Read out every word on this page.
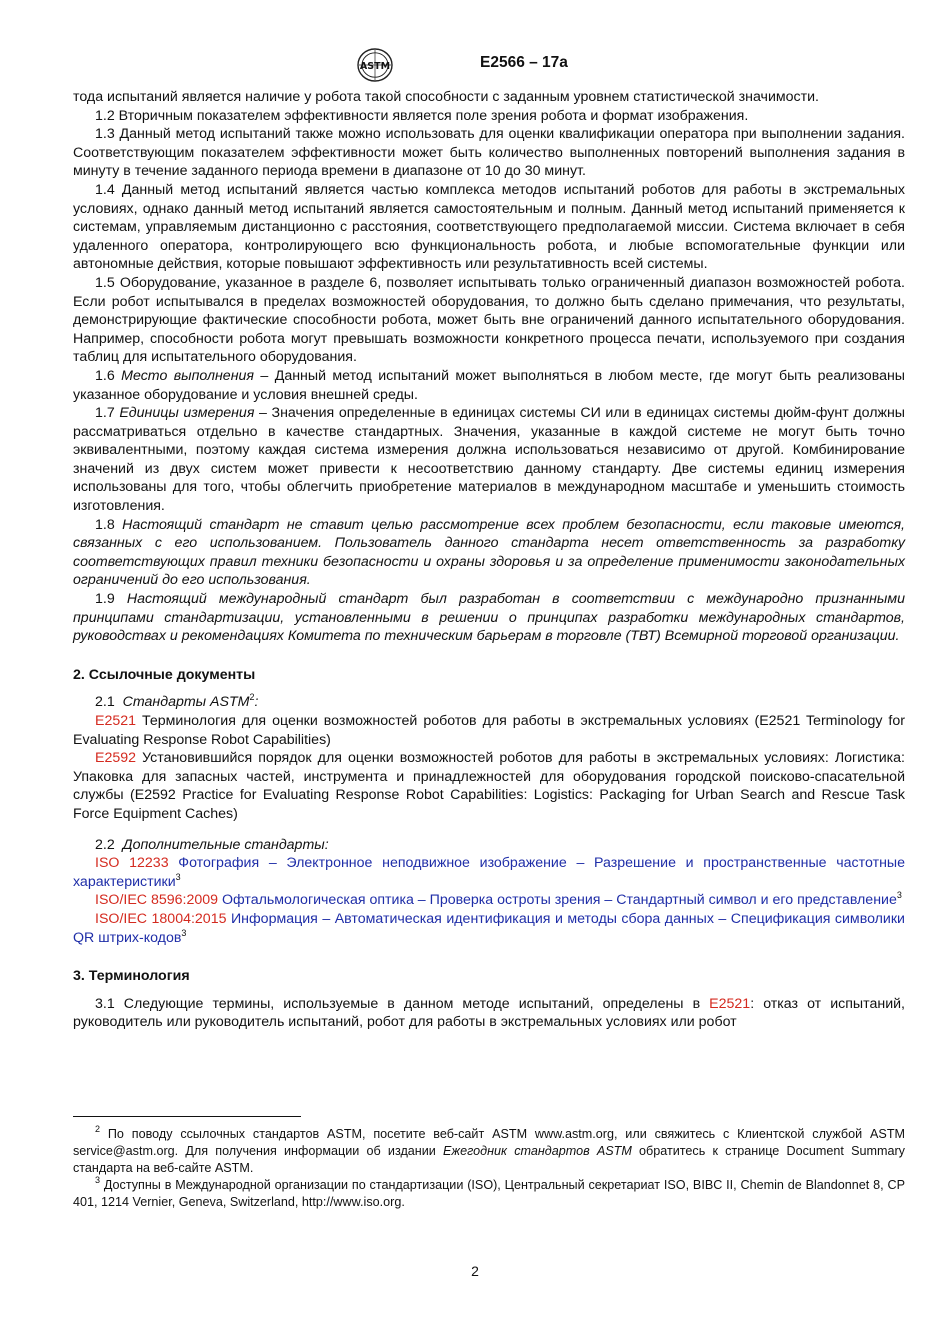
ASTM	E2566 – 17a

тода испытаний является наличие у робота такой способности с заданным уровнем статистической значимости.

1.2 Вторичным показателем эффективности является поле зрения робота и формат изображения.

1.3 Данный метод испытаний также можно использовать для оценки квалификации оператора при выполнении задания. Соответствующим показателем эффективности может быть количество выполненных повторений выполнения задания в минуту в течение заданного периода времени в диапазоне от 10 до 30 минут.

1.4 Данный метод испытаний является частью комплекса методов испытаний роботов для работы в экстремальных условиях, однако данный метод испытаний является самостоятельным и полным. Данный метод испытаний применяется к системам, управляемым дистанционно с расстояния, соответствующего предполагаемой миссии. Система включает в себя удаленного оператора, контролирующего всю функциональность робота, и любые вспомогательные функции или автономные действия, которые повышают эффективность или результативность всей системы.

1.5 Оборудование, указанное в разделе 6, позволяет испытывать только ограниченный диапазон возможностей робота. Если робот испытывался в пределах возможностей оборудования, то должно быть сделано примечания, что результаты, демонстрирующие фактические способности робота, может быть вне ограничений данного испытательного оборудования. Например, способности робота могут превышать возможности конкретного процесса печати, используемого при создания таблиц для испытательного оборудования.

1.6 Место выполнения – Данный метод испытаний может выполняться в любом месте, где могут быть реализованы указанное оборудование и условия внешней среды.

1.7 Единицы измерения – Значения определенные в единицах системы СИ или в единицах системы дюйм-фунт должны рассматриваться отдельно в качестве стандартных. Значения, указанные в каждой системе не могут быть точно эквивалентными, поэтому каждая система измерения должна использоваться независимо от другой. Комбинирование значений из двух систем может привести к несоответствию данному стандарту. Две системы единиц измерения использованы для того, чтобы облегчить приобретение материалов в международном масштабе и уменьшить стоимость изготовления.

1.8 Настоящий стандарт не ставит целью рассмотрение всех проблем безопасности, если таковые имеются, связанных с его использованием. Пользователь данного стандарта несет ответственность за разработку соответствующих правил техники безопасности и охраны здоровья и за определение применимости законодательных ограничений до его использования.

1.9 Настоящий международный стандарт был разработан в соответствии с международно признанными принципами стандартизации, установленными в решении о принципах разработки международных стандартов, руководствах и рекомендациях Комитета по техническим барьерам в торговле (ТВТ) Всемирной торговой организации.

2. Ссылочные документы

2.1 Стандарты ASTM$^2$:

E2521 Терминология для оценки возможностей роботов для работы в экстремальных условиях (E2521 Terminology for Evaluating Response Robot Capabilities)

E2592 Установившийся порядок для оценки возможностей роботов для работы в экстремальных условиях: Логистика: Упаковка для запасных частей, инструмента и принадлежностей для оборудования городской поисково-спасательной службы (E2592 Practice for Evaluating Response Robot Capabilities: Logistics: Packaging for Urban Search and Rescue Task Force Equipment Caches)

2.2 Дополнительные стандарты:

ISO 12233 Фотография – Электронное неподвижное изображение – Разрешение и пространственные частотные характеристики$^3$

ISO/IEC 8596:2009 Офтальмологическая оптика – Проверка остроты зрения – Стандартный символ и его представление$^3$

ISO/IEC 18004:2015 Информация – Автоматическая идентификация и методы сбора данных – Спецификация символики QR штрих-кодов$^3$

3. Терминология

3.1 Следующие термины, используемые в данном методе испытаний, определены в E2521: отказ от испытаний, руководитель или руководитель испытаний, робот для работы в экстремальных условиях или робот

$^2$ По поводу ссылочных стандартов ASTM, посетите веб-сайт ASTM www.astm.org, или свяжитесь с Клиентской службой ASTM service@astm.org. Для получения информации об издании Ежегодник стандартов ASTM обратитесь к странице Document Summary стандарта на веб-сайте ASTM.

$^3$ Доступны в Международной организации по стандартизации (ISO), Центральный секретариат ISO, BIBC II, Chemin de Blandonnet 8, CP 401, 1214 Vernier, Geneva, Switzerland, http://www.iso.org.

2
